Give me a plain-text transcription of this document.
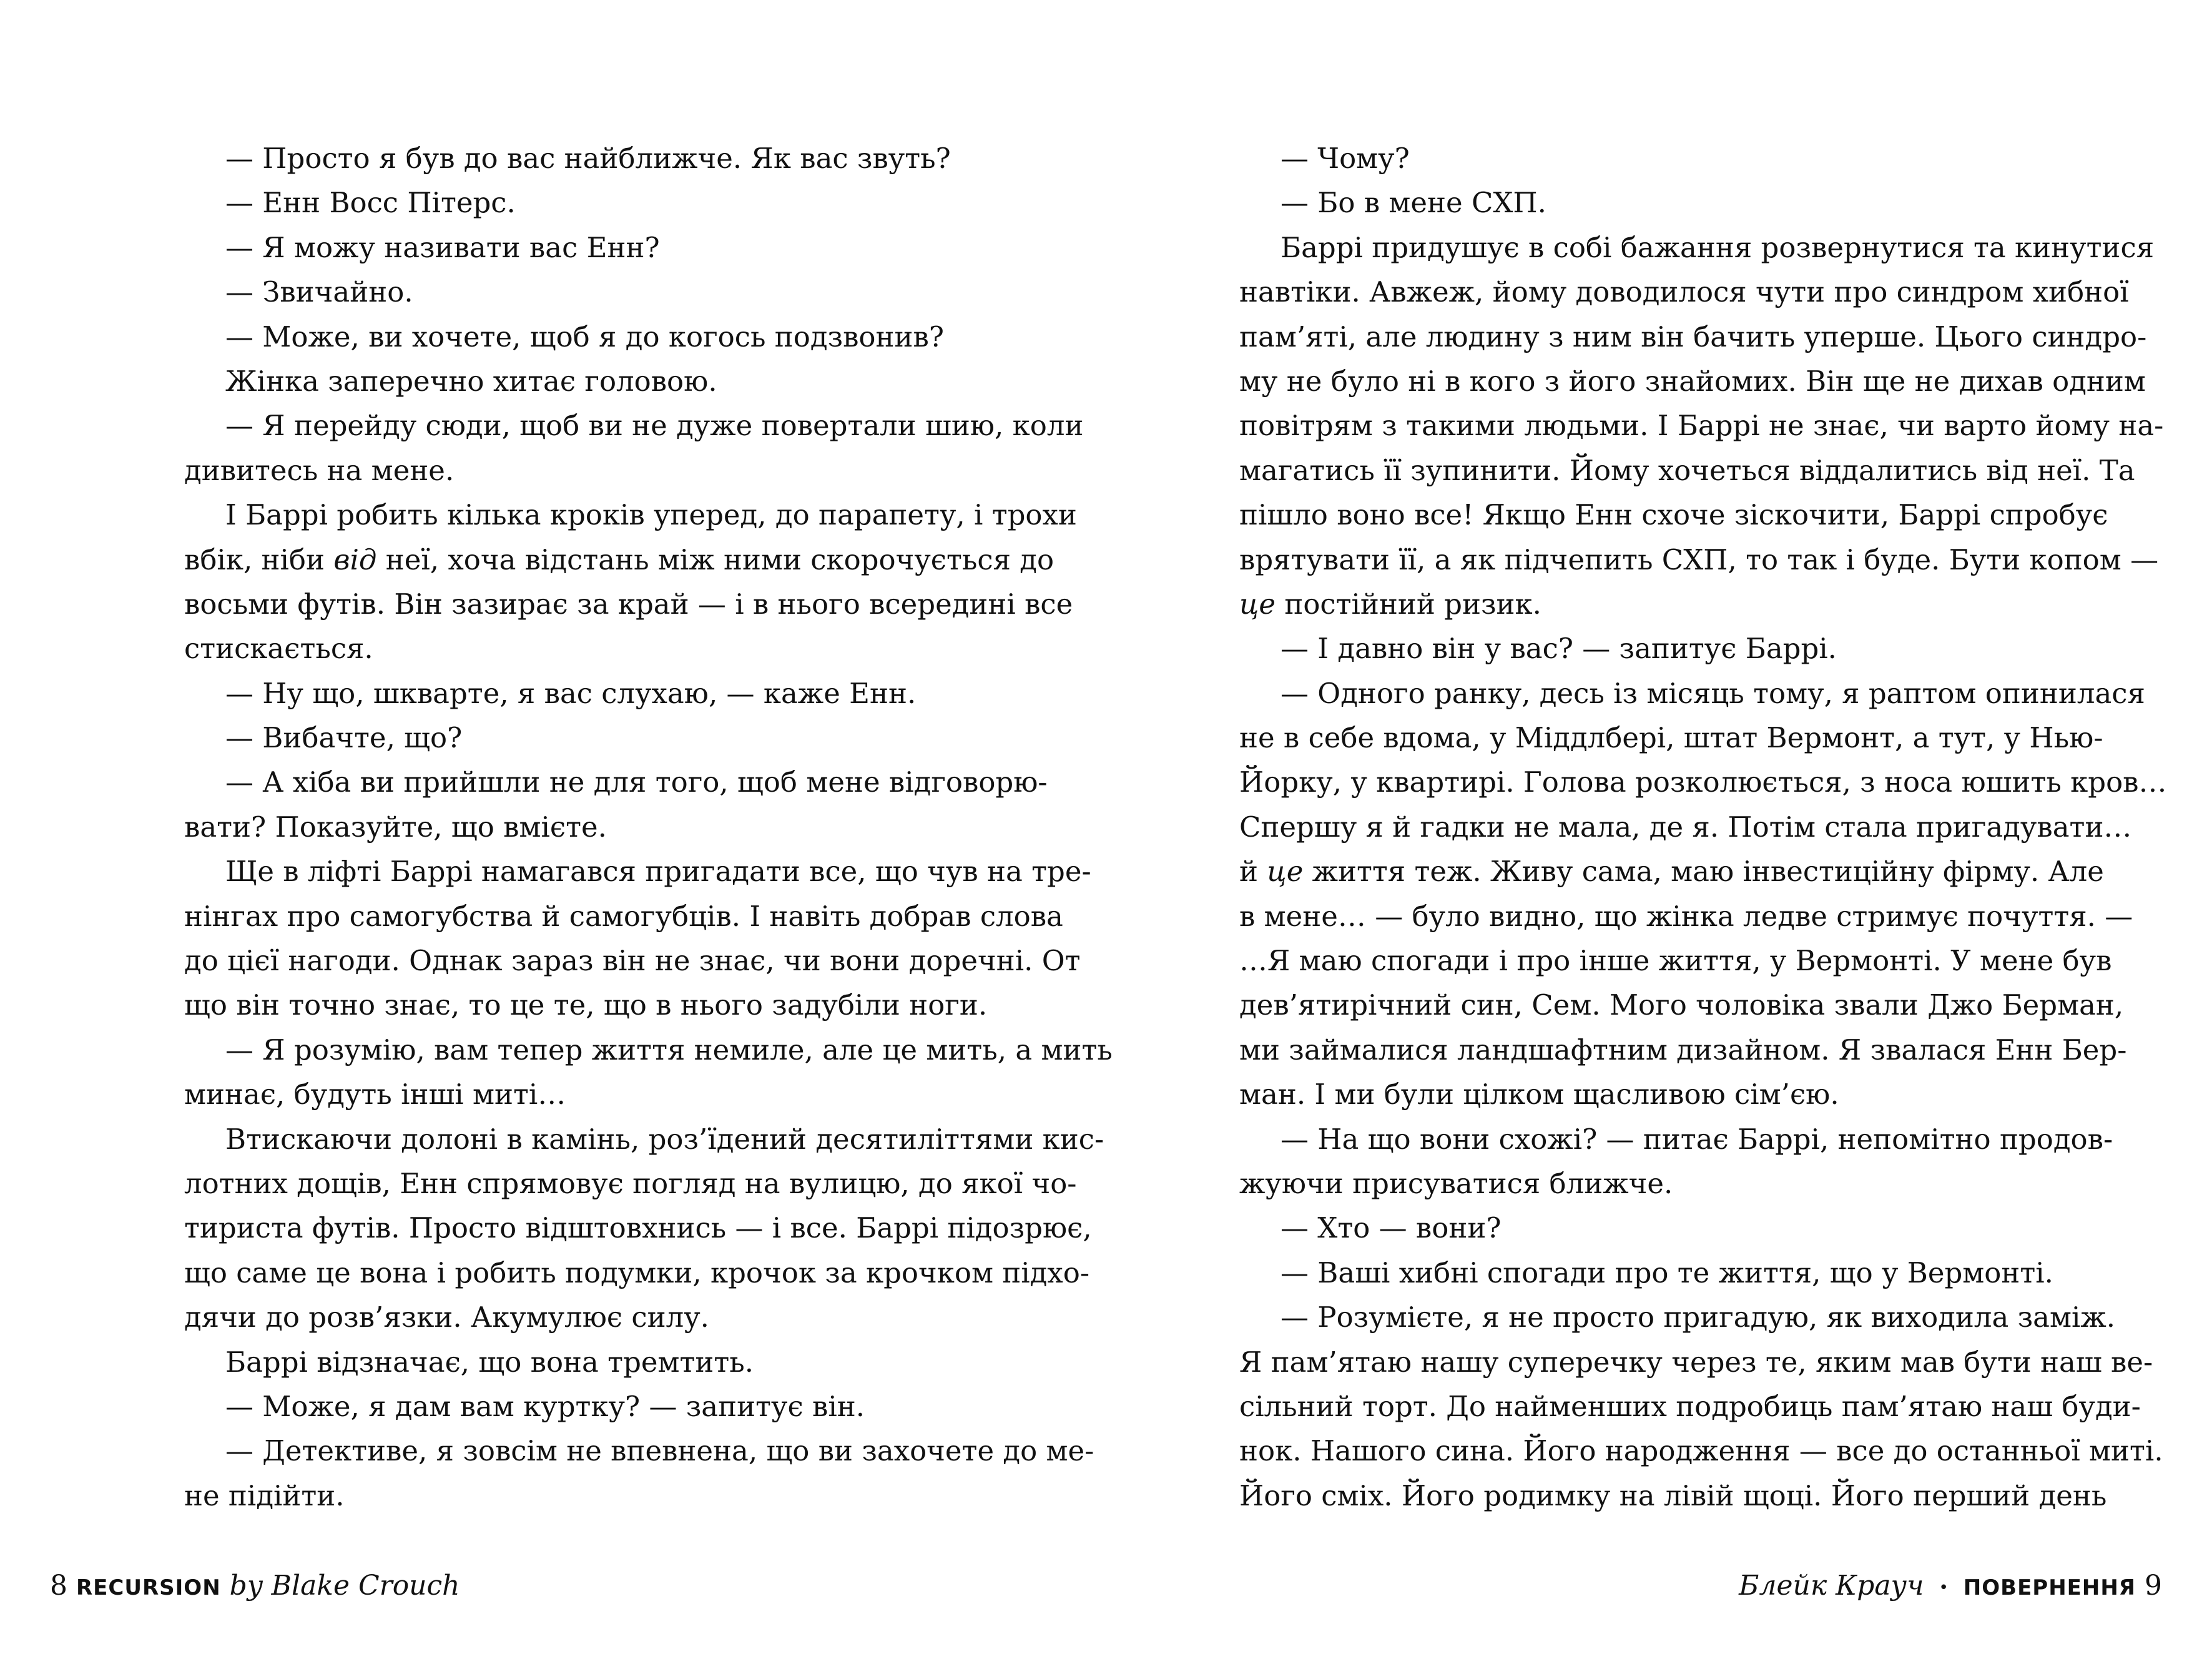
— Просто я був до вас найближче. Як вас звуть?
— Енн Восс Пітерс.
— Я можу називати вас Енн?
— Звичайно.
— Може, ви хочете, щоб я до когось подзвонив?
Жінка заперечно хитає головою.
— Я перейду сюди, щоб ви не дуже повертали шию, коли
дивитесь на мене.
І Баррі робить кілька кроків уперед, до парапету, і трохи
вбік, ніби від неї, хоча відстань між ними скорочується до
восьми футів. Він зазирає за край — і в нього всередині все
стискається.
— Ну що, шкварте, я вас слухаю, — каже Енн.
— Вибачте, що?
— А хіба ви прийшли не для того, щоб мене відговорю-
вати? Показуйте, що вмієте.
Ще в ліфті Баррі намагався пригадати все, що чув на тре-
нінгах про самогубства й самогубців. І навіть добрав слова
до цієї нагоди. Однак зараз він не знає, чи вони доречні. От
що він точно знає, то це те, що в нього задубіли ноги.
— Я розумію, вам тепер життя немиле, але це мить, а мить
минає, будуть інші миті…
Втискаючи долоні в камінь, роз’їдений десятиліттями кис-
лотних дощів, Енн спрямовує погляд на вулицю, до якої чо-
тириста футів. Просто відштовхнись — і все. Баррі підозрює,
що саме це вона і робить подумки, крочок за крочком підхо-
дячи до розв’язки. Акумулює силу.
Баррі відзначає, що вона тремтить.
— Може, я дам вам куртку? — запитує він.
— Детективе, я зовсім не впевнена, що ви захочете до ме-
не підійти.
— Чому?
— Бо в мене СХП.
Баррі придушує в собі бажання розвернутися та кинутися
навтіки. Авжеж, йому доводилося чути про синдром хибної
пам’яті, але людину з ним він бачить уперше. Цього синдро-
му не було ні в кого з його знайомих. Він ще не дихав одним
повітрям з такими людьми. І Баррі не знає, чи варто йому на-
магатись її зупинити. Йому хочеться віддалитись від неї. Та
пішло воно все! Якщо Енн схоче зіскочити, Баррі спробує
врятувати її, а як підчепить СХП, то так і буде. Бути копом —
це постійний ризик.
— І давно він у вас? — запитує Баррі.
— Одного ранку, десь із місяць тому, я раптом опинилася
не в себе вдома, у Міддлбері, штат Вермонт, а тут, у Нью-
Йорку, у квартирі. Голова розколюється, з носа юшить кров…
Спершу я й гадки не мала, де я. Потім стала пригадувати…
й це життя теж. Живу сама, маю інвестиційну фірму. Але
в мене… — було видно, що жінка ледве стримує почуття. —
…Я маю спогади і про інше життя, у Вермонті. У мене був
дев’ятирічний син, Сем. Мого чоловіка звали Джо Берман,
ми займалися ландшафтним дизайном. Я звалася Енн Бер-
ман. І ми були цілком щасливою сім’єю.
— На що вони схожі? — питає Баррі, непомітно продов-
жуючи присуватися ближче.
— Хто — вони?
— Ваші хибні спогади про те життя, що у Вермонті.
— Розумієте, я не просто пригадую, як виходила заміж.
Я пам’ятаю нашу суперечку через те, яким мав бути наш ве-
сільний торт. До найменших подробиць пам’ятаю наш буди-
нок. Нашого сина. Його народження — все до останньої миті.
Його сміх. Його родимку на лівій щоці. Його перший день
8 RECURSION by Blake Crouch	Блейк Крауч • ПОВЕРНЕННЯ 9
